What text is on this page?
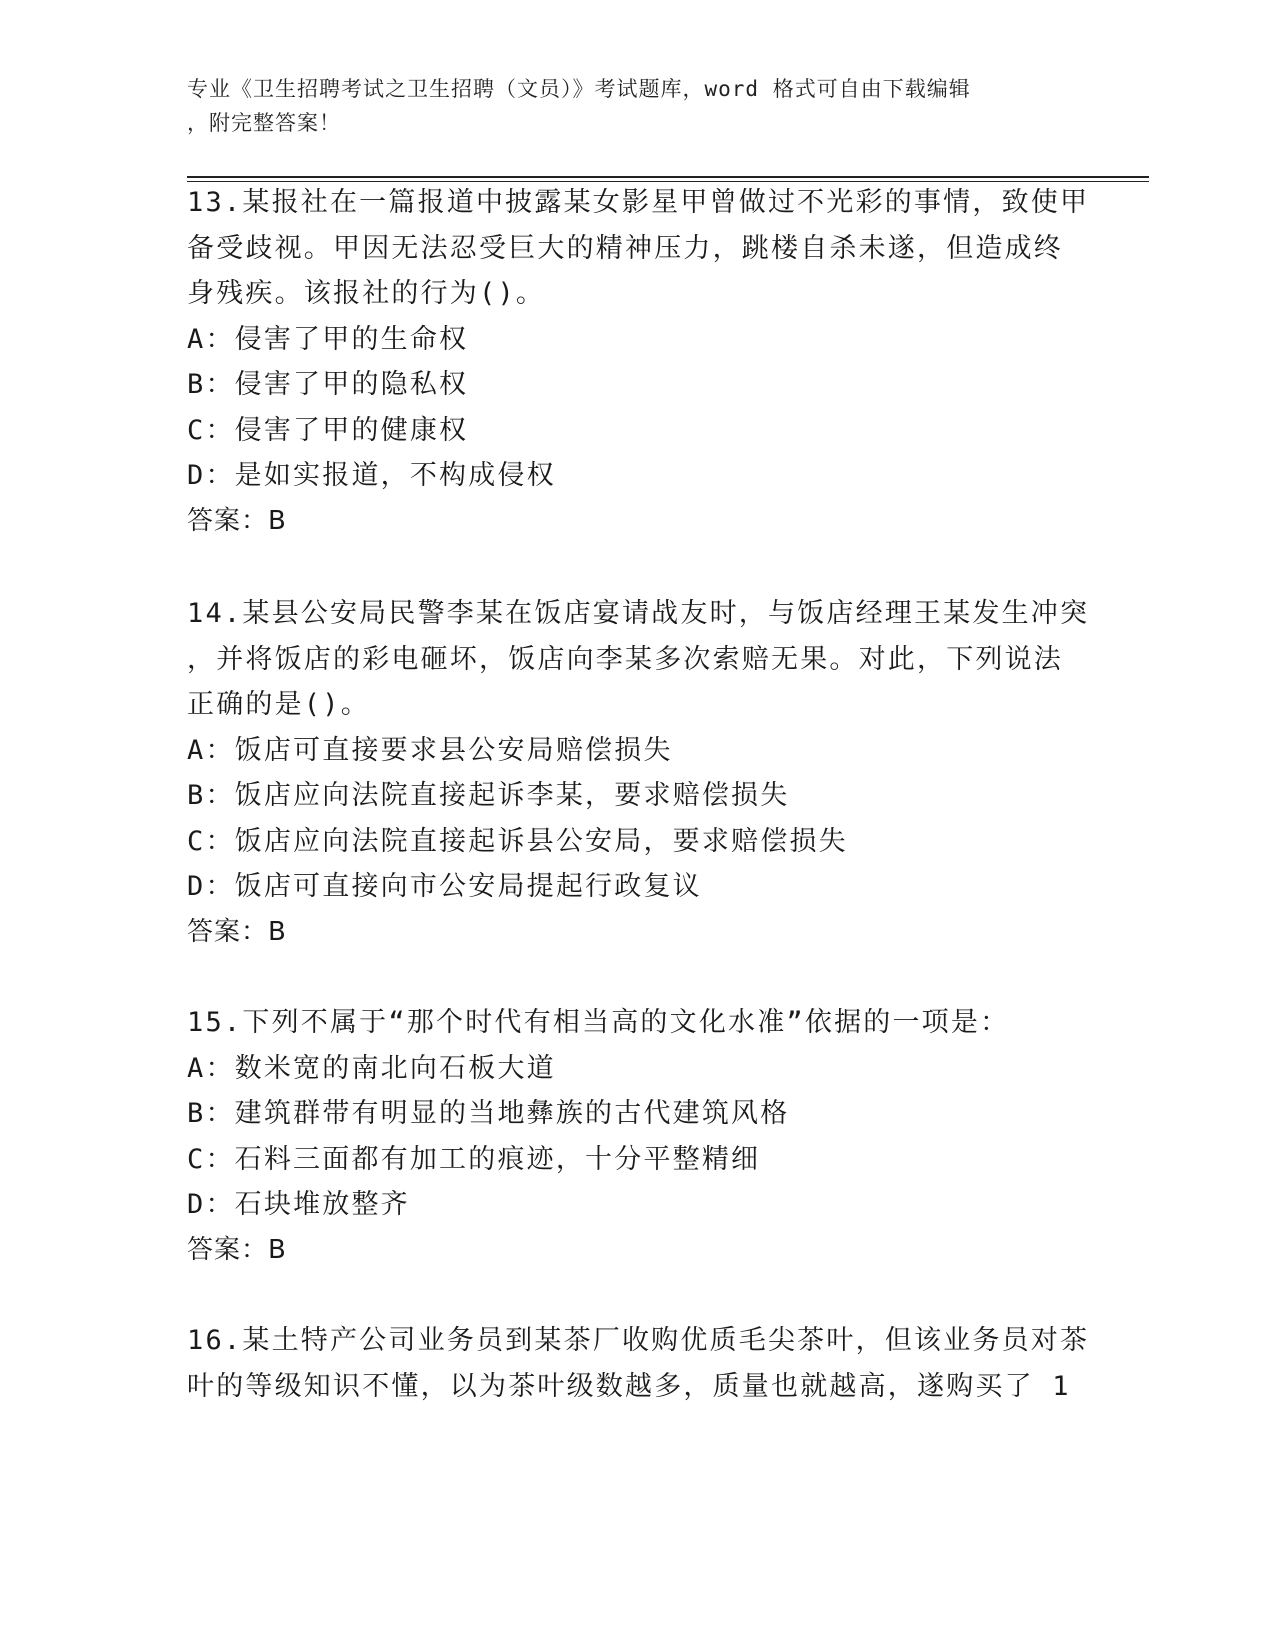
专业《卫生招聘考试之卫生招聘（文员）》考试题库，word 格式可自由下载编辑
，附完整答案！
13.某报社在一篇报道中披露某女影星甲曾做过不光彩的事情，致使甲
备受歧视。甲因无法忍受巨大的精神压力，跳楼自杀未遂，但造成终
身残疾。该报社的行为()。
A：侵害了甲的生命权
B：侵害了甲的隐私权
C：侵害了甲的健康权
D：是如实报道，不构成侵权
答案：B
14.某县公安局民警李某在饭店宴请战友时，与饭店经理王某发生冲突
，并将饭店的彩电砸坏，饭店向李某多次索赔无果。对此，下列说法
正确的是()。
A：饭店可直接要求县公安局赔偿损失
B：饭店应向法院直接起诉李某，要求赔偿损失
C：饭店应向法院直接起诉县公安局，要求赔偿损失
D：饭店可直接向市公安局提起行政复议
答案：B
15.下列不属于“那个时代有相当高的文化水准”依据的一项是：
A：数米宽的南北向石板大道
B：建筑群带有明显的当地彝族的古代建筑风格
C：石料三面都有加工的痕迹，十分平整精细
D：石块堆放整齐
答案：B
16.某土特产公司业务员到某茶厂收购优质毛尖茶叶，但该业务员对茶
叶的等级知识不懂，以为茶叶级数越多，质量也就越高，遂购买了 1
